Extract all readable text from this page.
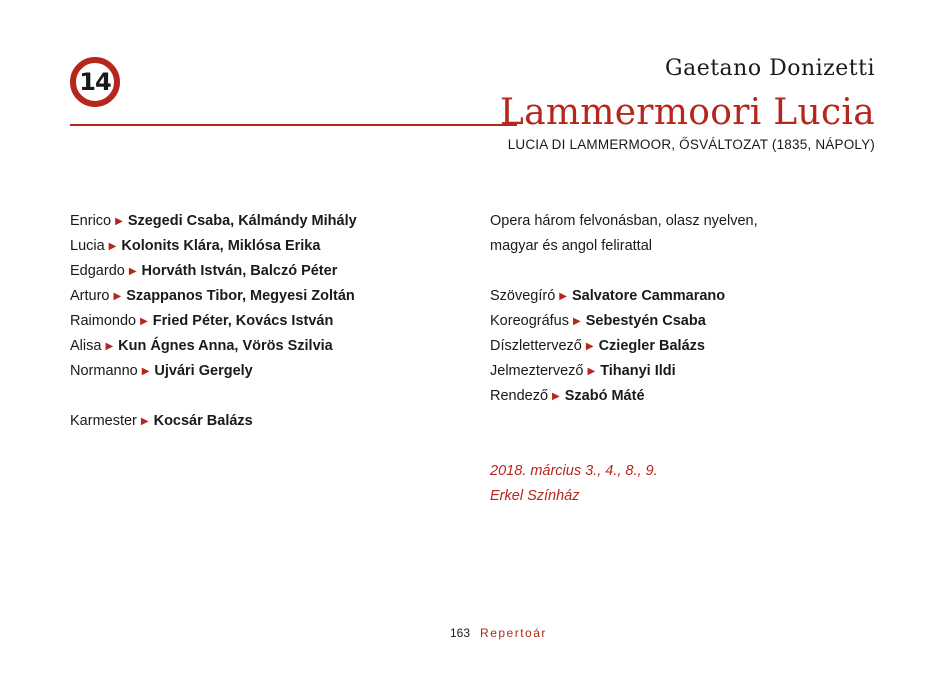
14	Gaetano Donizetti
Lammermoori Lucia
LUCIA DI LAMMERMOOR, ŐSVÁLTOZAT (1835, NÁPOLY)
Enrico ▶ Szegedi Csaba, Kálmándy Mihály
Lucia ▶ Kolonits Klára, Miklósa Erika
Edgardo ▶ Horváth István, Balczó Péter
Arturo ▶ Szappanos Tibor, Megyesi Zoltán
Raimondo ▶ Fried Péter, Kovács István
Alisa ▶ Kun Ágnes Anna, Vörös Szilvia
Normanno ▶ Ujvári Gergely
Karmester ▶ Kocsár Balázs
Opera három felvonásban, olasz nyelven,
magyar és angol felirattal
Szövegíró ▶ Salvatore Cammarano
Koreográfus ▶ Sebestyén Csaba
Díszlettervező ▶ Cziegler Balázs
Jelmeztervező ▶ Tihanyi Ildi
Rendező ▶ Szabó Máté
2018. március 3., 4., 8., 9.
Erkel Színház
163 Repertoár
